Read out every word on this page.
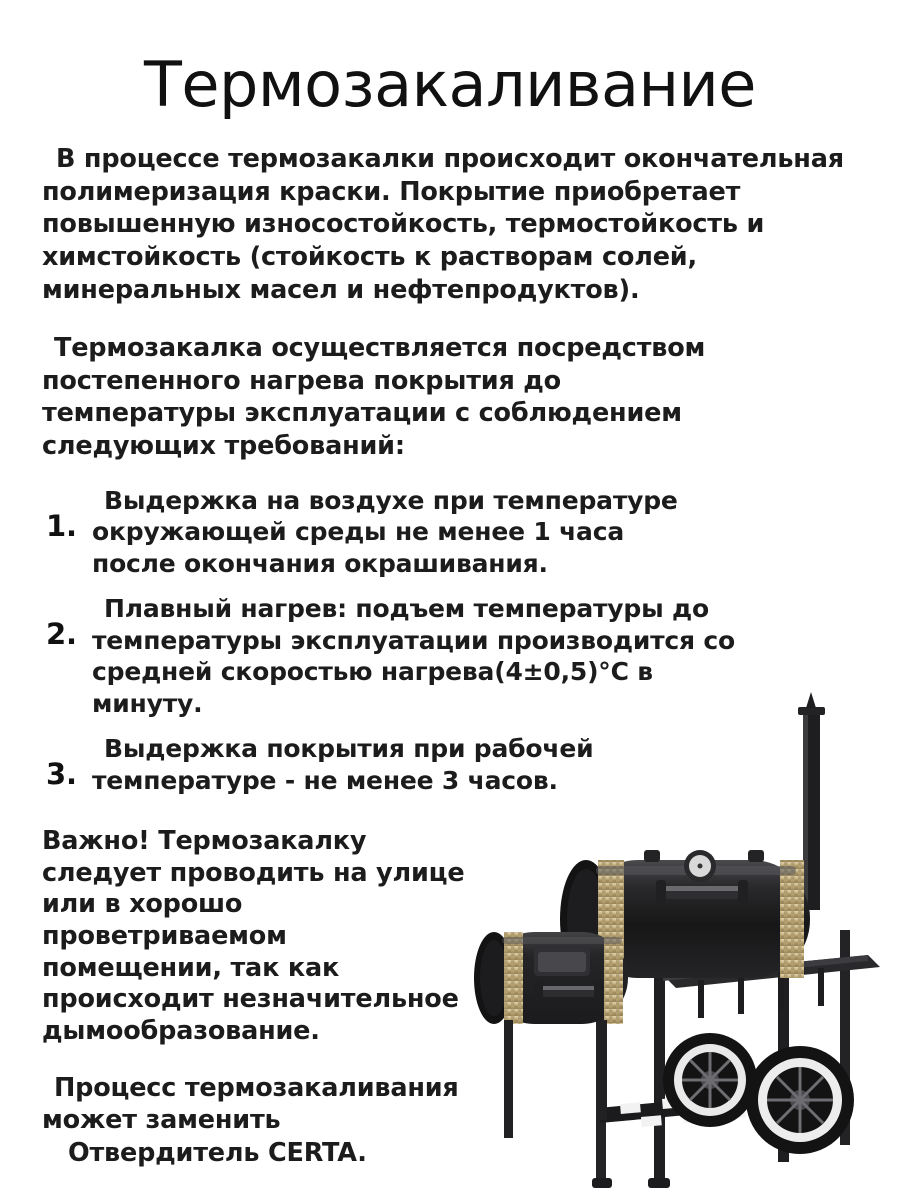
Термозакаливание

В процессе термозакалки происходит окончательная полимеризация краски. Покрытие приобретает повышенную износостойкость, термостойкость и химстойкость (стойкость к растворам солей, минеральных масел и нефтепродуктов).

Термозакалка осуществляется посредством постепенного нагрева покрытия до температуры эксплуатации с соблюдением следующих требований:

1.
Выдержка на воздухе при температуре окружающей среды не менее 1 часа после окончания окрашивания.
2.
Плавный нагрев: подъем температуры до температуры эксплуатации производится со средней скоростью нагрева(4±0,5)°С в минуту.
3.
Выдержка покрытия при рабочей температуре - не менее 3 часов.

Важно! Термозакалку следует проводить на улице или в хорошо проветриваемом помещении, так как происходит незначительное дымообразование.

Процесс термозакаливания может заменить
Отвердитель CERTA.
